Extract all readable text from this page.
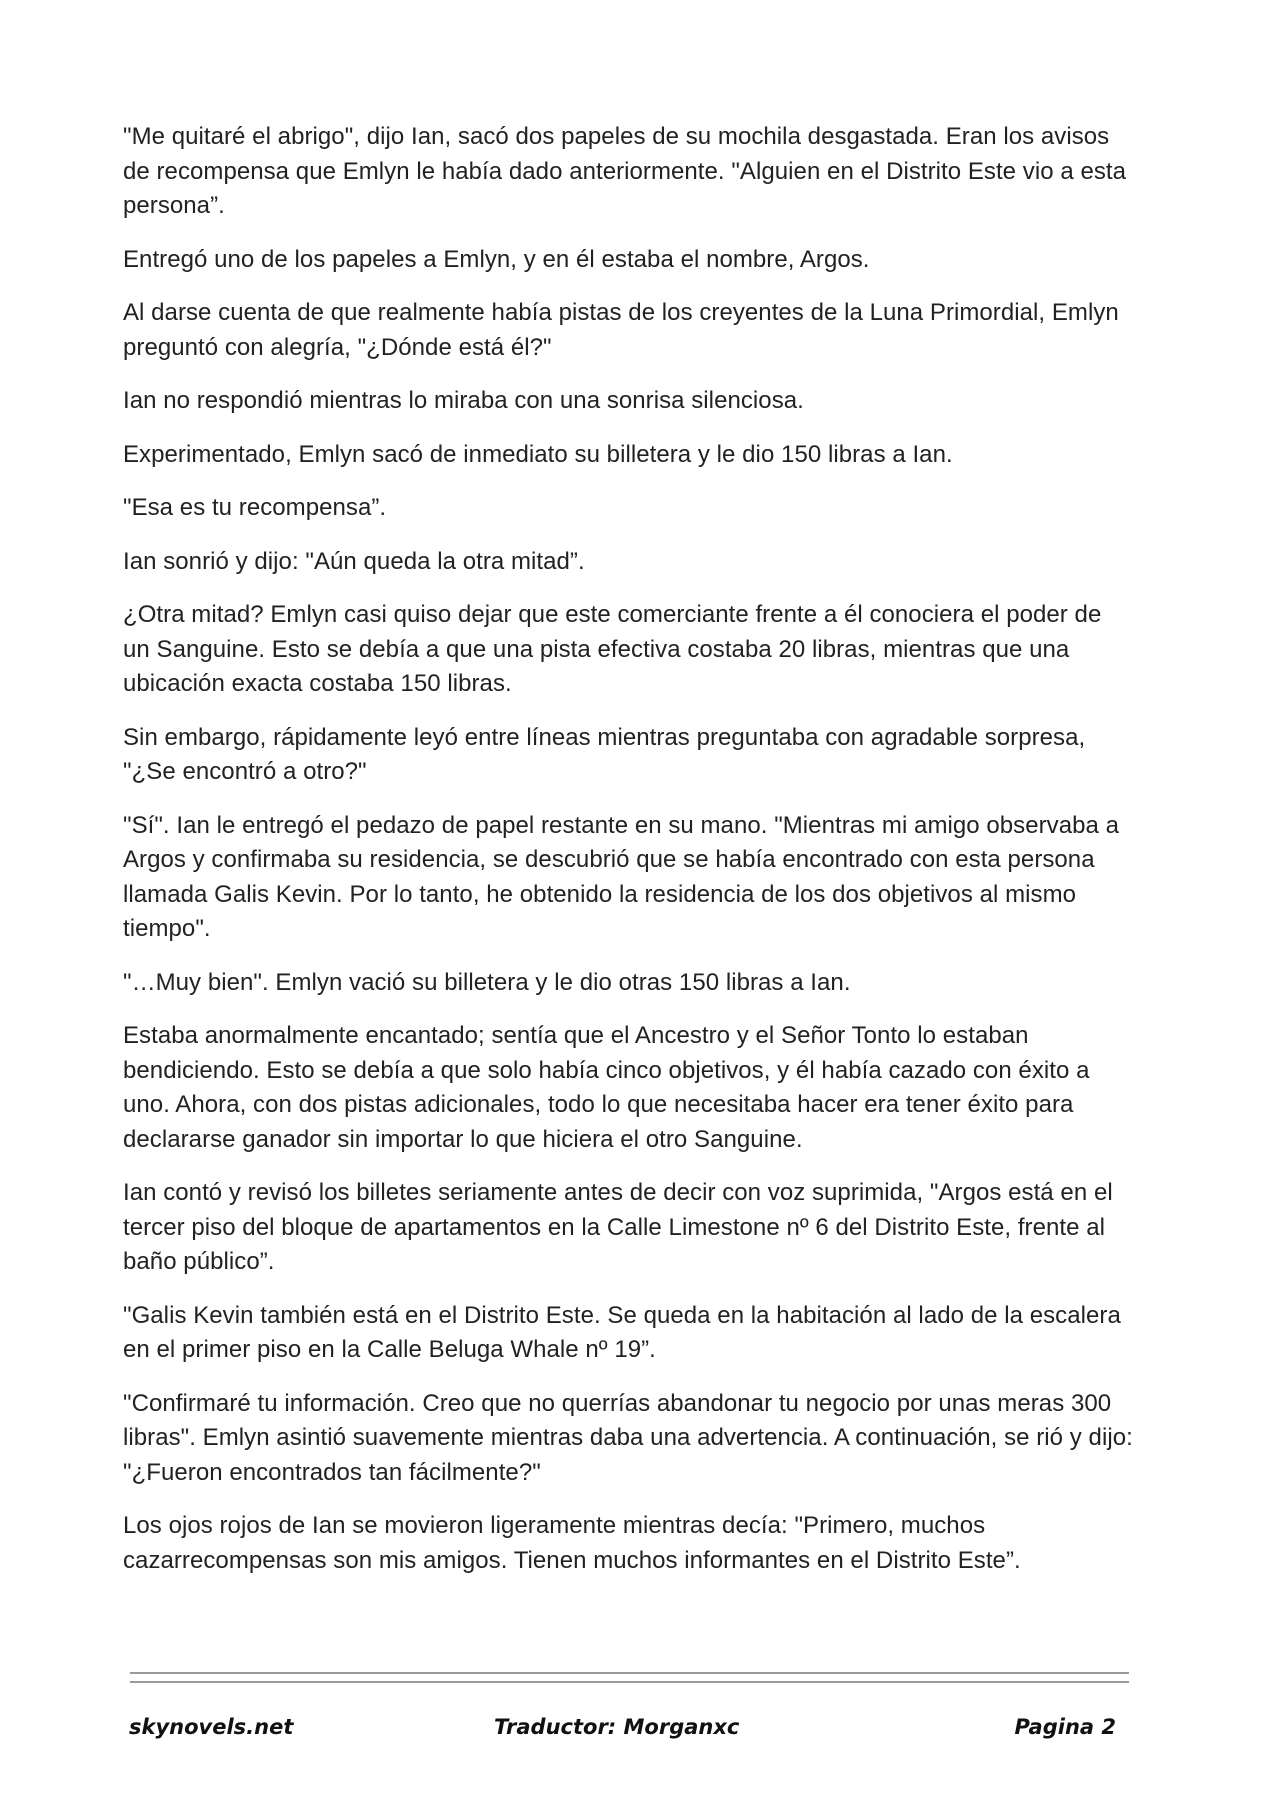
"Me quitaré el abrigo", dijo Ian, sacó dos papeles de su mochila desgastada. Eran los avisos de recompensa que Emlyn le había dado anteriormente. "Alguien en el Distrito Este vio a esta persona”.

Entregó uno de los papeles a Emlyn, y en él estaba el nombre, Argos.

Al darse cuenta de que realmente había pistas de los creyentes de la Luna Primordial, Emlyn preguntó con alegría, "¿Dónde está él?"

Ian no respondió mientras lo miraba con una sonrisa silenciosa.

Experimentado, Emlyn sacó de inmediato su billetera y le dio 150 libras a Ian.

"Esa es tu recompensa”.

Ian sonrió y dijo: "Aún queda la otra mitad”.

¿Otra mitad? Emlyn casi quiso dejar que este comerciante frente a él conociera el poder de un Sanguine. Esto se debía a que una pista efectiva costaba 20 libras, mientras que una ubicación exacta costaba 150 libras.

Sin embargo, rápidamente leyó entre líneas mientras preguntaba con agradable sorpresa, "¿Se encontró a otro?"

"Sí". Ian le entregó el pedazo de papel restante en su mano. "Mientras mi amigo observaba a Argos y confirmaba su residencia, se descubrió que se había encontrado con esta persona llamada Galis Kevin. Por lo tanto, he obtenido la residencia de los dos objetivos al mismo tiempo".

"…Muy bien". Emlyn vació su billetera y le dio otras 150 libras a Ian.

Estaba anormalmente encantado; sentía que el Ancestro y el Señor Tonto lo estaban bendiciendo. Esto se debía a que solo había cinco objetivos, y él había cazado con éxito a uno. Ahora, con dos pistas adicionales, todo lo que necesitaba hacer era tener éxito para declararse ganador sin importar lo que hiciera el otro Sanguine.

Ian contó y revisó los billetes seriamente antes de decir con voz suprimida, "Argos está en el tercer piso del bloque de apartamentos en la Calle Limestone nº 6 del Distrito Este, frente al baño público”.

"Galis Kevin también está en el Distrito Este. Se queda en la habitación al lado de la escalera en el primer piso en la Calle Beluga Whale nº 19”.

"Confirmaré tu información. Creo que no querrías abandonar tu negocio por unas meras 300 libras". Emlyn asintió suavemente mientras daba una advertencia. A continuación, se rió y dijo: "¿Fueron encontrados tan fácilmente?"

Los ojos rojos de Ian se movieron ligeramente mientras decía: "Primero, muchos cazarrecompensas son mis amigos. Tienen muchos informantes en el Distrito Este”.

skynovels.net	Traductor: Morganxc	Pagina 2
